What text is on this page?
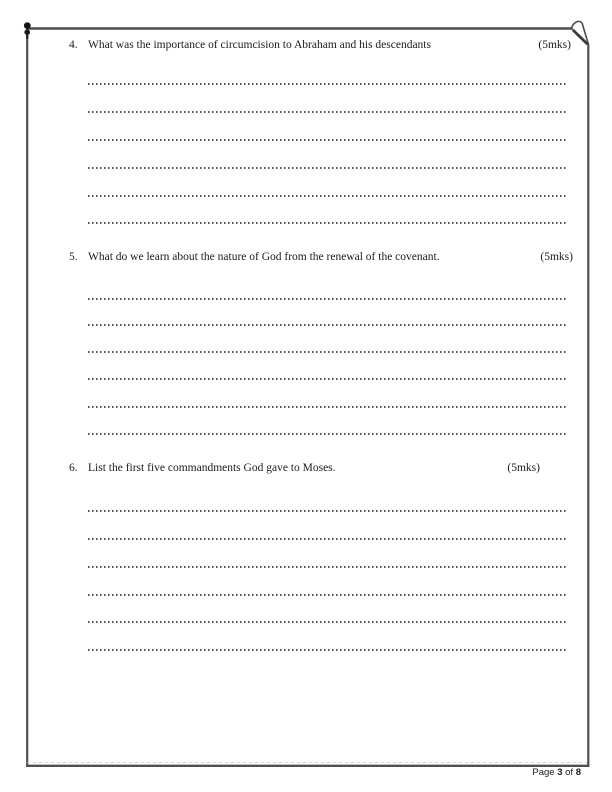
4. What was the importance of circumcision to Abraham and his descendants	(5mks)
5. What do we learn about the nature of God from the renewal of the covenant.	(5mks)
6. List the first five commandments God gave to Moses.	(5mks)
Page 3 of 8
